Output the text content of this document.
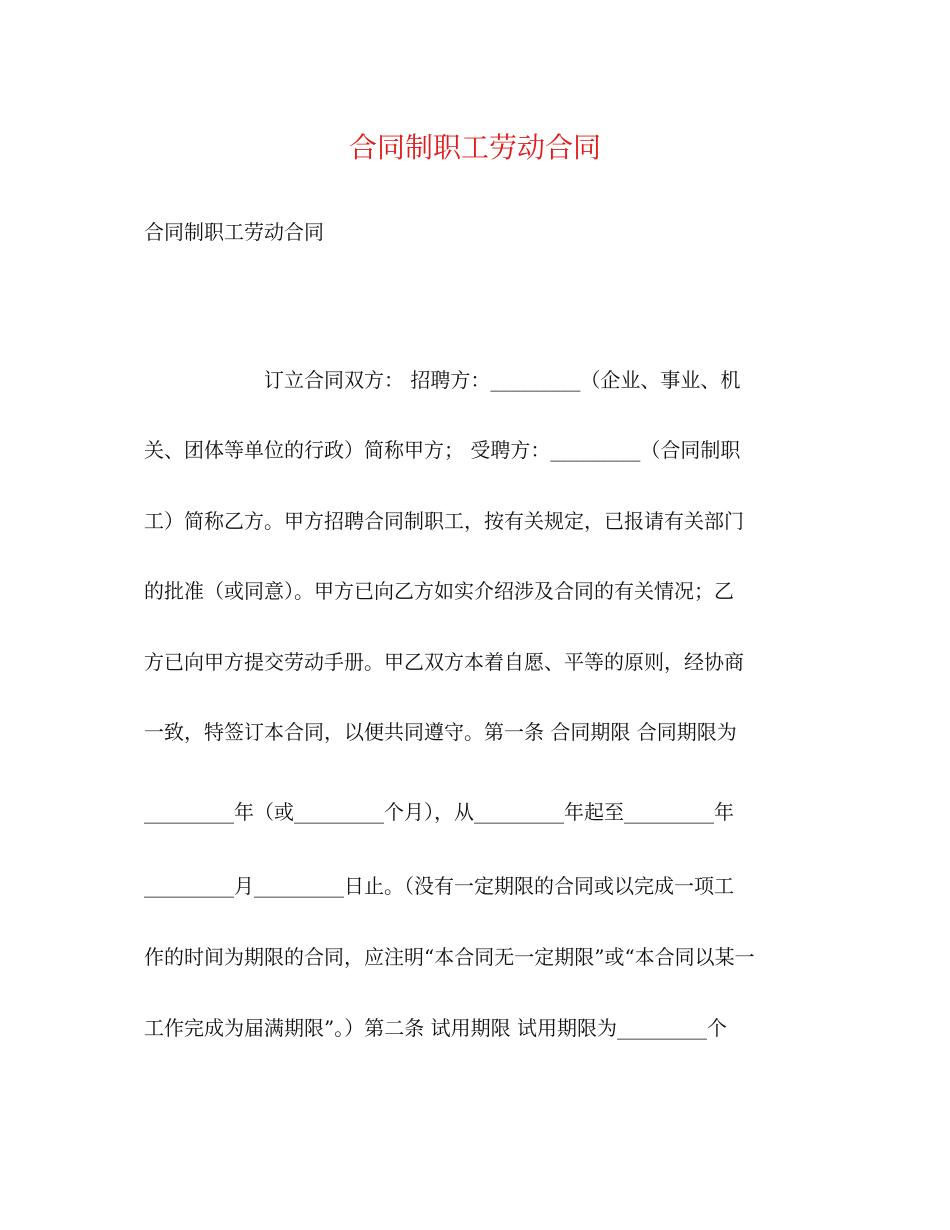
合同制职工劳动合同

合同制职工劳动合同

　　　　　　订立合同双方： 招聘方：_________（企业、事业、机

关、团体等单位的行政）简称甲方； 受聘方：_________（合同制职

工）简称乙方。甲方招聘合同制职工，按有关规定，已报请有关部门

的批准（或同意）。甲方已向乙方如实介绍涉及合同的有关情况；乙

方已向甲方提交劳动手册。甲乙双方本着自愿、平等的原则，经协商

一致，特签订本合同，以便共同遵守。第一条 合同期限 合同期限为

_________年（或_________个月），从_________年起至_________年

_________月_________日止。（没有一定期限的合同或以完成一项工

作的时间为期限的合同，应注明“本合同无一定期限”或“本合同以某一

工作完成为届满期限”。）第二条 试用期限 试用期限为_________个
